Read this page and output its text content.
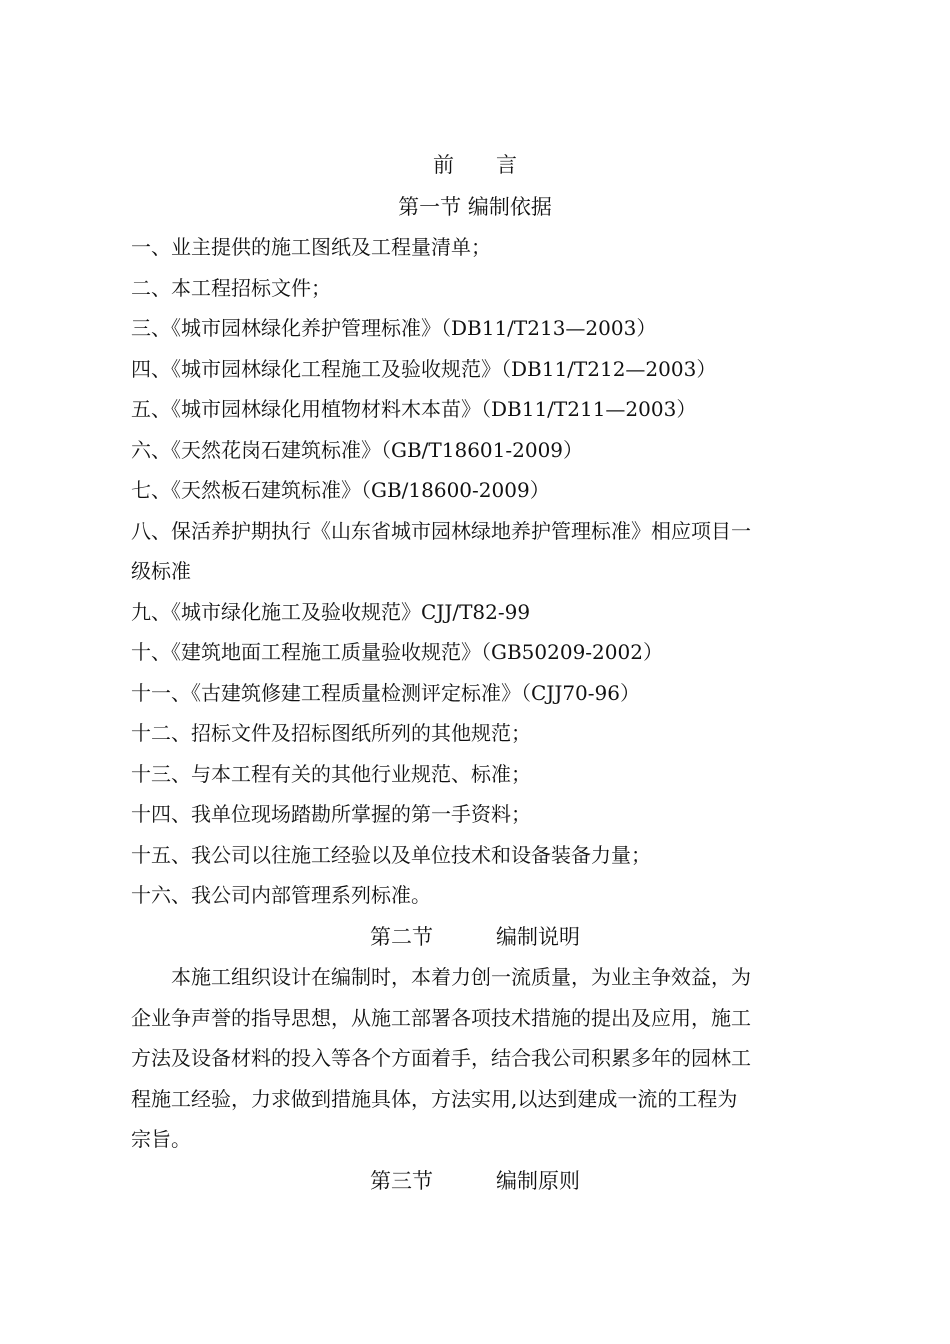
前　　言
第一节 编制依据
一、业主提供的施工图纸及工程量清单；
二、本工程招标文件；
三、《城市园林绿化养护管理标准》（DB11/T213—2003）
四、《城市园林绿化工程施工及验收规范》（DB11/T212—2003）
五、《城市园林绿化用植物材料木本苗》（DB11/T211—2003）
六、《天然花岗石建筑标准》（GB/T18601-2009）
七、《天然板石建筑标准》（GB/18600-2009）
八、保活养护期执行《山东省城市园林绿地养护管理标准》相应项目一
级标准
九、《城市绿化施工及验收规范》CJJ/T82-99
十、《建筑地面工程施工质量验收规范》（GB50209-2002）
十一、《古建筑修建工程质量检测评定标准》（CJJ70-96）
十二、招标文件及招标图纸所列的其他规范；
十三、与本工程有关的其他行业规范、标准；
十四、我单位现场踏勘所掌握的第一手资料；
十五、我公司以往施工经验以及单位技术和设备装备力量；
十六、我公司内部管理系列标准。
第二节　　　编制说明
　　本施工组织设计在编制时，本着力创一流质量，为业主争效益，为
企业争声誉的指导思想，从施工部署各项技术措施的提出及应用，施工
方法及设备材料的投入等各个方面着手，结合我公司积累多年的园林工
程施工经验，力求做到措施具体，方法实用,以达到建成一流的工程为
宗旨。
第三节　　　编制原则
